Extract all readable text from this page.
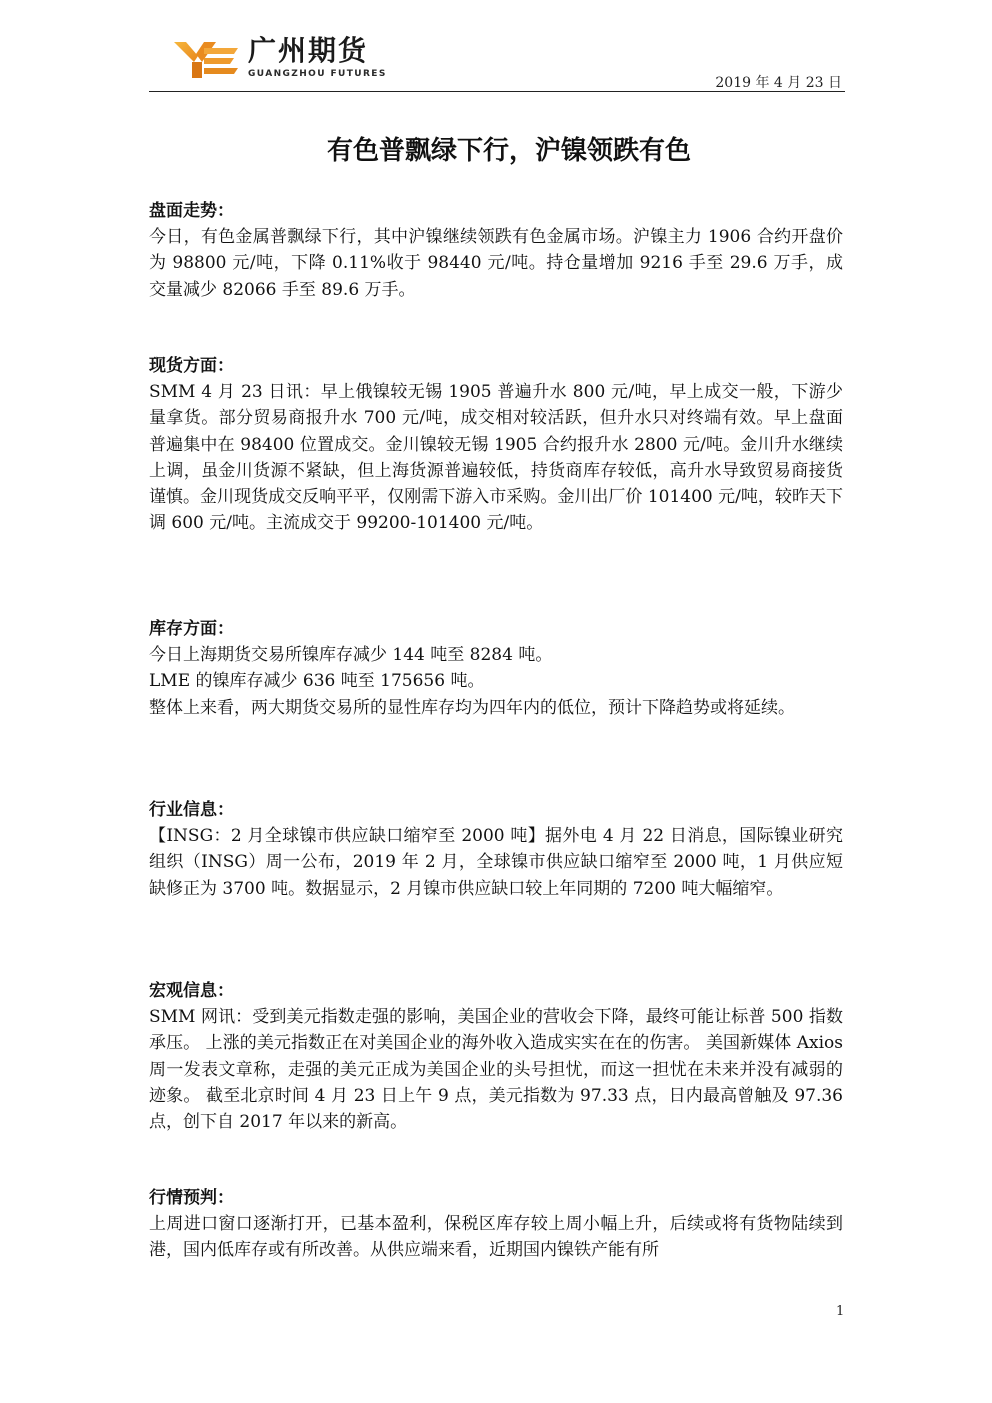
广州期货
GUANGZHOU FUTURES
2019 年 4 月 23 日
有色普飘绿下行，沪镍领跌有色
盘面走势：

今日，有色金属普飘绿下行，其中沪镍继续领跌有色金属市场。沪镍主力 1906 合约开盘价为 98800 元/吨，下降 0.11%收于 98440 元/吨。持仓量增加 9216 手至 29.6 万手，成交量减少 82066 手至 89.6 万手。

现货方面：

SMM 4 月 23 日讯：早上俄镍较无锡 1905 普遍升水 800 元/吨，早上成交一般，下游少量拿货。部分贸易商报升水 700 元/吨，成交相对较活跃，但升水只对终端有效。早上盘面普遍集中在 98400 位置成交。金川镍较无锡 1905 合约报升水 2800 元/吨。金川升水继续上调，虽金川货源不紧缺，但上海货源普遍较低，持货商库存较低，高升水导致贸易商接货谨慎。金川现货成交反响平平，仅刚需下游入市采购。金川出厂价 101400 元/吨，较昨天下调 600 元/吨。主流成交于 99200-101400 元/吨。

库存方面：

今日上海期货交易所镍库存减少 144 吨至 8284 吨。

LME 的镍库存减少 636 吨至 175656 吨。

整体上来看，两大期货交易所的显性库存均为四年内的低位，预计下降趋势或将延续。

行业信息：

【INSG：2 月全球镍市供应缺口缩窄至 2000 吨】据外电 4 月 22 日消息，国际镍业研究组织（INSG）周一公布，2019 年 2 月，全球镍市供应缺口缩窄至 2000 吨，1 月供应短缺修正为 3700 吨。数据显示，2 月镍市供应缺口较上年同期的 7200 吨大幅缩窄。

宏观信息：

SMM 网讯：受到美元指数走强的影响，美国企业的营收会下降，最终可能让标普 500 指数承压。 上涨的美元指数正在对美国企业的海外收入造成实实在在的伤害。 美国新媒体 Axios 周一发表文章称，走强的美元正成为美国企业的头号担忧，而这一担忧在未来并没有减弱的迹象。 截至北京时间 4 月 23 日上午 9 点，美元指数为 97.33 点，日内最高曾触及 97.36 点，创下自 2017 年以来的新高。

行情预判：

上周进口窗口逐渐打开，已基本盈利，保税区库存较上周小幅上升，后续或将有货物陆续到港，国内低库存或有所改善。从供应端来看，近期国内镍铁产能有所

1
